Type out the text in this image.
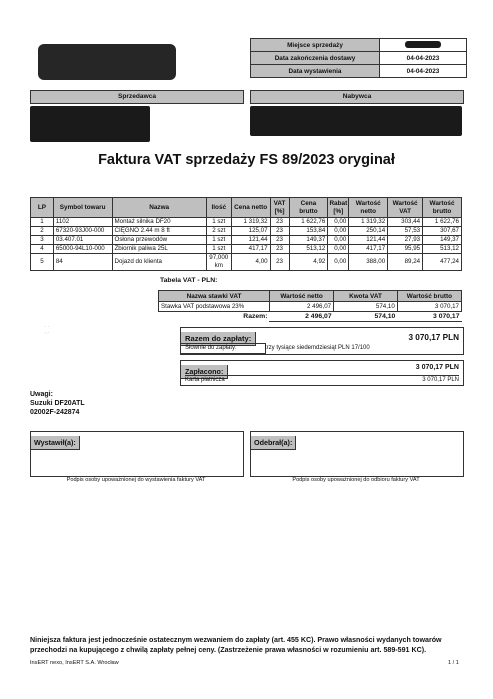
Miejsce sprzedaży	
Data zakończenia dostawy	04-04-2023
Data wystawienia	04-04-2023
Sprzedawca	Nabywca
Faktura VAT sprzedaży FS 89/2023 oryginał
LP	Symbol towaru	Nazwa	Ilość	Cena netto	VAT [%]	Cena brutto	Rabat [%]	Wartość netto	Wartość VAT	Wartość brutto
1	1102	Montaż silnika DF20	1 szt	1 319,32	23	1 622,76	0,00	1 319,32	303,44	1 622,76
2	67320-93J00-000	CIĘGNO 2.44 m 8 ft	2 szt	125,07	23	153,84	0,00	250,14	57,53	307,67
3	03.407.01	Osłona przewodów	1 szt	121,44	23	149,37	0,00	121,44	27,93	149,37
4	65000-94L10-000	Zbiornik paliwa 25L	1 szt	417,17	23	513,12	0,00	417,17	95,95	513,12
5	84	Dojazd do klienta	97,000 km	4,00	23	4,92	0,00	388,00	89,24	477,24
Tabela VAT - PLN:
Nazwa stawki VAT	Wartość netto	Kwota VAT	Wartość brutto
Stawka VAT podstawowa 23%	2 496,07	574,10	3 070,17
Razem:	2 496,07	574,10	3 070,17
· ·
·.·
Razem do zapłaty:	3 070,17 PLN
Słownie do zapłaty:	trzy tysiące siedemdziesiąt PLN 17/100
Zapłacono:	3 070,17 PLN
Karta płatnicza	3 070,17 PLN
Uwagi:
Suzuki DF20ATL
02002F-242874
Wystawił(a):
Podpis osoby upoważnionej do wystawienia faktury VAT
Odebrał(a):
Podpis osoby upoważnionej do odbioru faktury VAT
Niniejsza faktura jest jednocześnie ostatecznym wezwaniem do zapłaty (art. 455 KC). Prawo własności wydanych towarów
przechodzi na kupującego z chwilą zapłaty pełnej ceny. (Zastrzeżenie prawa własności w rozumieniu art. 589-591 KC).
InsERT nexo, InsERT S.A. Wrocław	1 / 1
